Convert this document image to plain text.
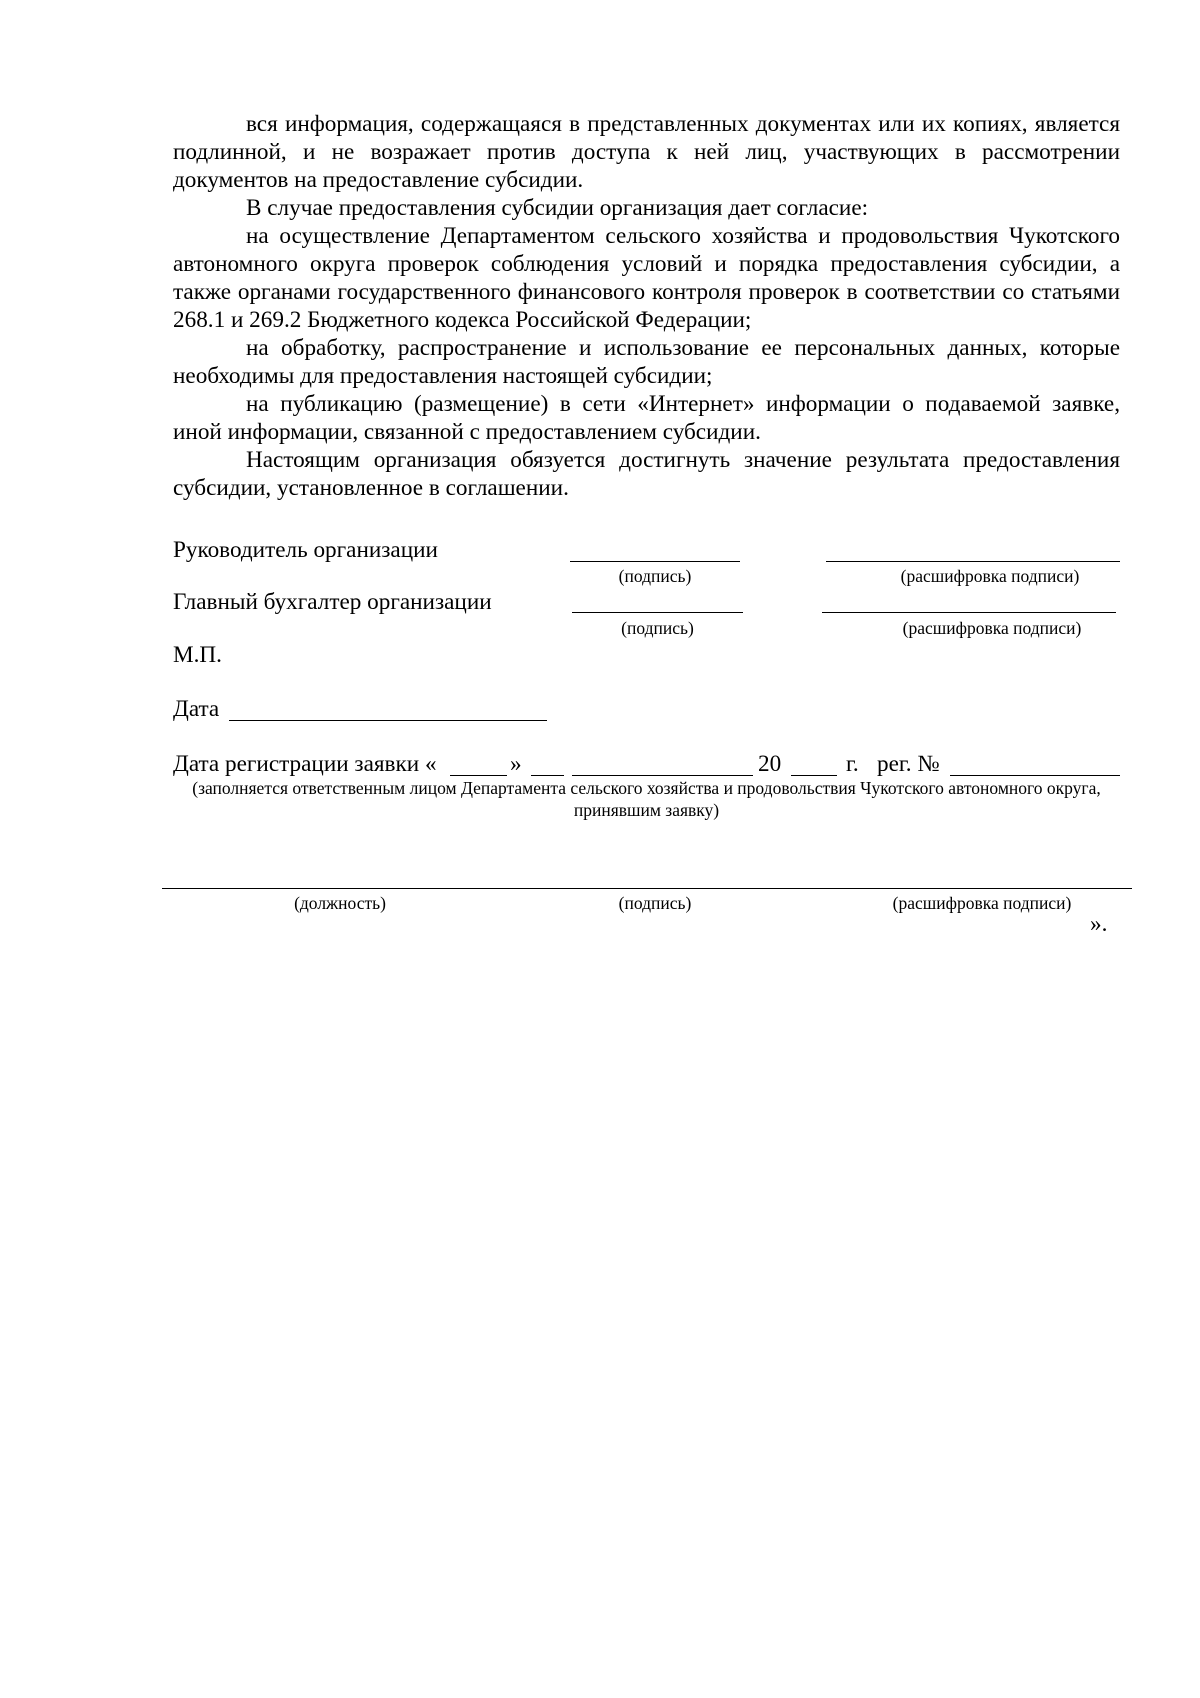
вся информация, содержащаяся в представленных документах или их копиях, является подлинной, и не возражает против доступа к ней лиц, участвующих в рассмотрении документов на предоставление субсидии.

В случае предоставления субсидии организация дает согласие:

на осуществление Департаментом сельского хозяйства и продовольствия Чукотского автономного округа проверок соблюдения условий и порядка предоставления субсидии, а также органами государственного финансового контроля проверок в соответствии со статьями 268.1 и 269.2 Бюджетного кодекса Российской Федерации;

на обработку, распространение и использование ее персональных данных, которые необходимы для предоставления настоящей субсидии;

на публикацию (размещение) в сети «Интернет» информации о подаваемой заявке, иной информации, связанной с предоставлением субсидии.

Настоящим организация обязуется достигнуть значение результата предоставления субсидии, установленное в соглашении.

Руководитель организации
(подпись)	(расшифровка подписи)
Главный бухгалтер организации
(подпись)	(расшифровка подписи)
М.П.
Дата
Дата регистрации заявки «	»	20	г. рег. №
(заполняется ответственным лицом Департамента сельского хозяйства и продовольствия Чукотского автономного округа, принявшим заявку)
(должность)	(подпись)	(расшифровка подписи)
».
